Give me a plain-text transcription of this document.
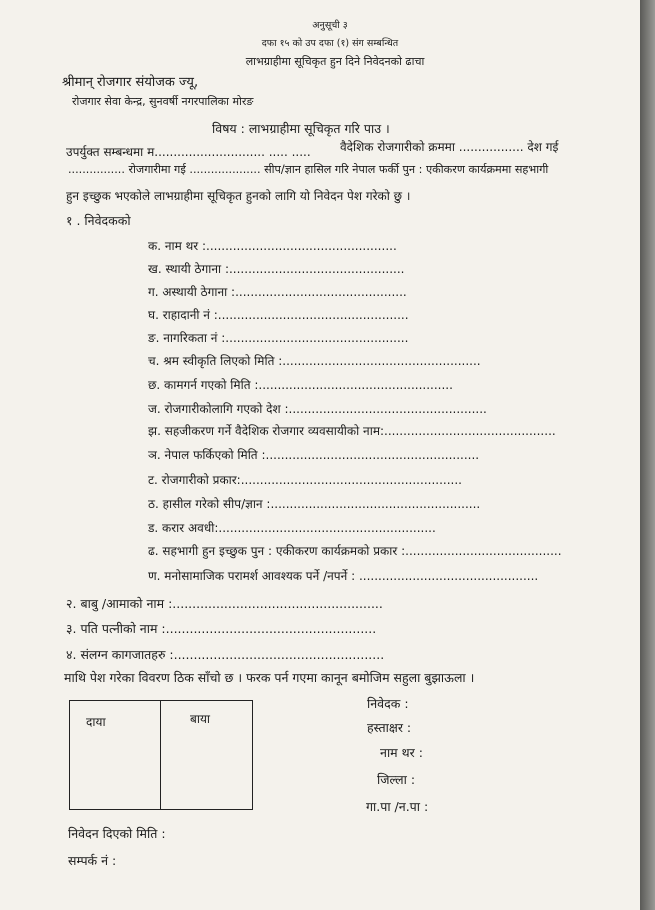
अनुसूची ३
दफा १५ को उप दफा (१) संग सम्बन्धित
लाभग्राहीमा सूचिकृत हुन दिने निवेदनको ढाचा
श्रीमान् रोजगार संयोजक ज्यू,
रोजगार सेवा केन्द्र, सुनवर्षी नगरपालिका मोरङ
विषय : लाभग्राहीमा सूचिकृत गरि पाउ ।
उपर्युक्त सम्बन्धमा म............................. ..... ..... वैदेशिक रोजगारीको क्रममा ................. देश गई
................ रोजगारीमा गई .................... सीप/ज्ञान हासिल गरि नेपाल फर्की पुन : एकीकरण कार्यक्रममा सहभागी
हुन इच्छुक भएकोले लाभग्राहीमा सूचिकृत हुनको लागि यो निवेदन पेश गरेको छु ।
१ . निवेदकको
क. नाम थर :..................................................
ख. स्थायी ठेगाना :..............................................
ग. अस्थायी ठेगाना :.............................................
घ. राहादानी नं :..................................................
ङ. नागरिकता नं :................................................
च. श्रम स्वीकृति लिएको मिति :....................................................
छ. कामगर्न गएको मिति :...................................................
ज. रोजगारीकोलागि गएको देश :....................................................
झ. सहजीकरण गर्ने वैदेशिक रोजगार व्यवसायीको नाम:.............................................
ञ. नेपाल फर्किएको मिति :........................................................
ट. रोजगारीको प्रकार:..........................................................
ठ. हासील गरेको सीप/ज्ञान :.......................................................
ड. करार अवधी:.........................................................
ढ. सहभागी हुन इच्छुक पुन : एकीकरण कार्यक्रमको प्रकार :.........................................
ण. मनोसामाजिक परामर्श आवश्यक पर्ने /नपर्ने : ...............................................
२. बाबु /आमाको नाम :.....................................................
३. पति पत्नीको नाम :.....................................................
४. संलग्न कागजातहरु :.....................................................
माथि पेश गरेका विवरण ठिक साँचो छ । फरक पर्न गएमा कानून बमोजिम सहुला बुझाऊला ।
दाया	बाया
निवेदक :
हस्ताक्षर :
नाम थर :
जिल्ला :
गा.पा /न.पा :
निवेदन दिएको मिति :
सम्पर्क नं :
